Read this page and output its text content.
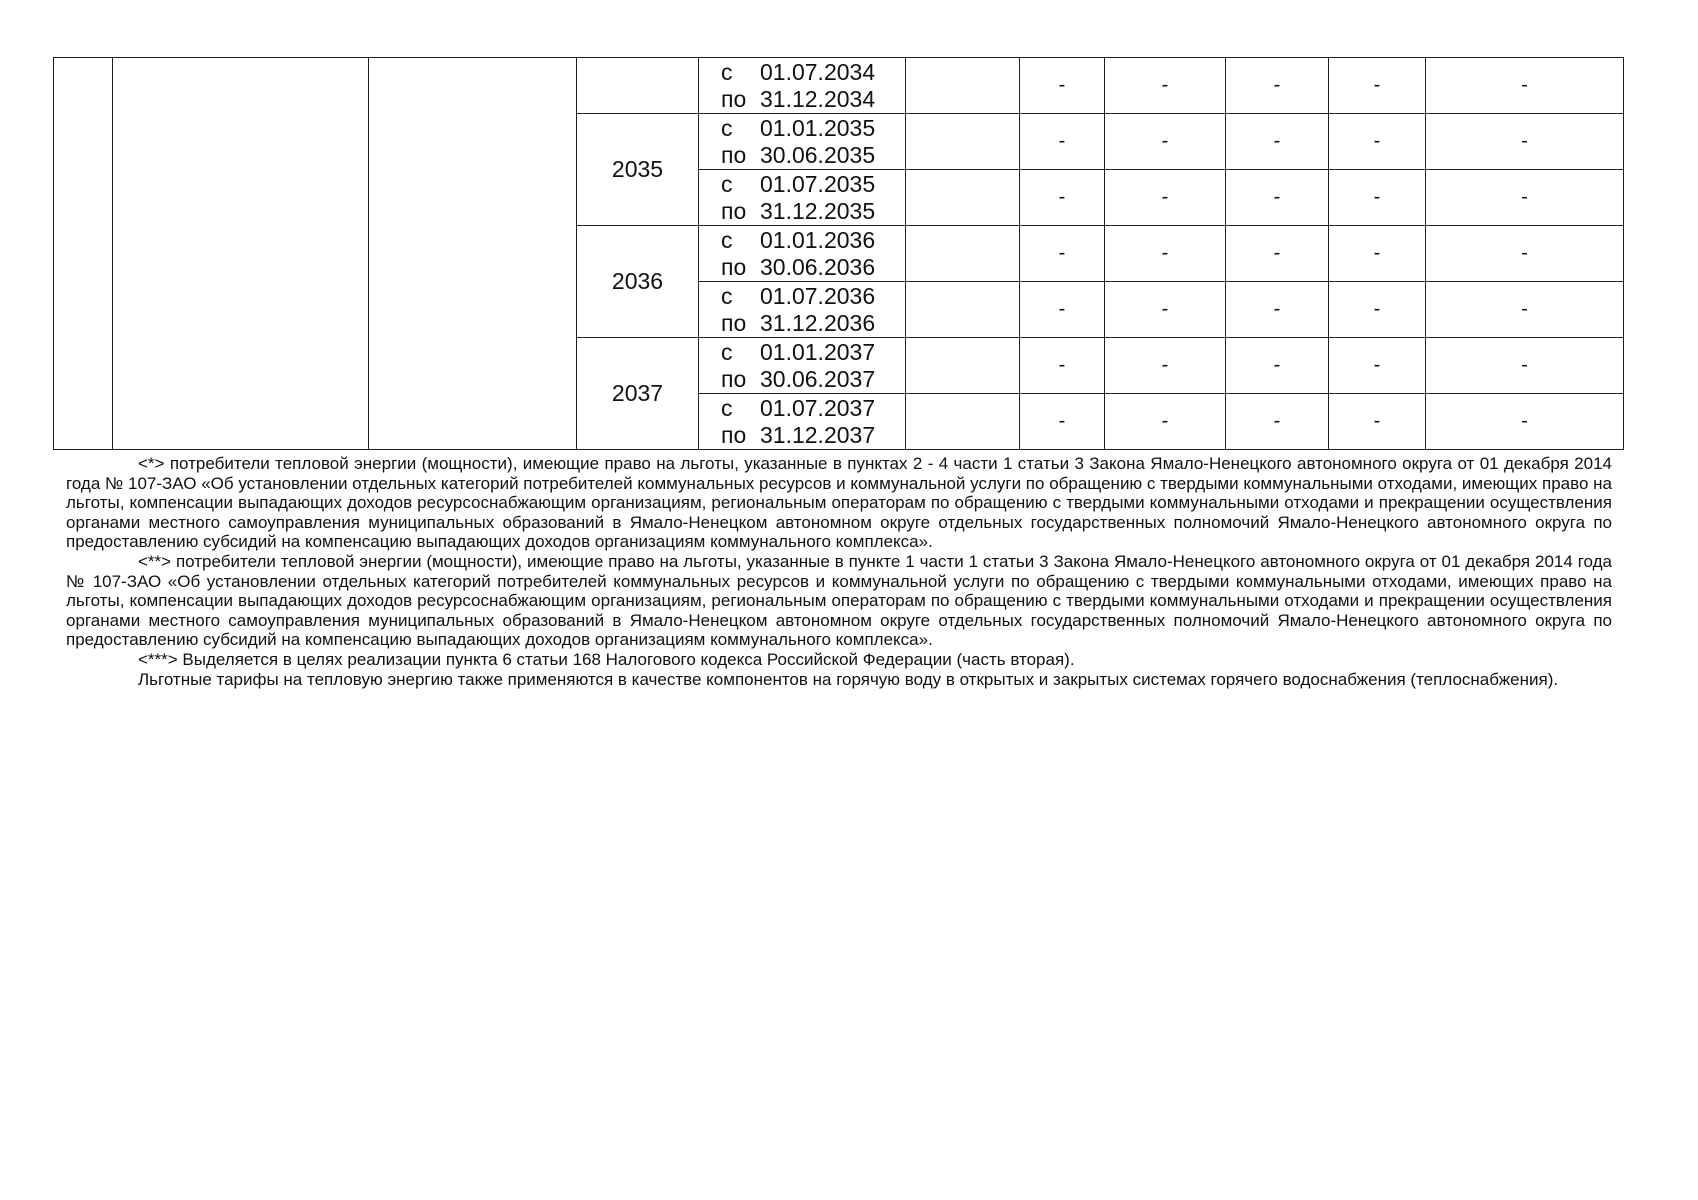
				с 01.07.2034
по 31.12.2034		-	-	-	-	-
			2035	с 01.01.2035
по 30.06.2035		-	-	-	-	-

				с 01.07.2035
по 31.12.2035		-	-	-	-	-
			2036	с 01.01.2036
по 30.06.2036		-	-	-	-	-

				с 01.07.2036
по 31.12.2036		-	-	-	-	-
			2037	с 01.01.2037
по 30.06.2037		-	-	-	-	-

				с 01.07.2037
по 31.12.2037		-	-	-	-	-

<*> потребители тепловой энергии (мощности), имеющие право на льготы, указанные в пунктах 2 - 4 части 1 статьи 3 Закона Ямало-Ненецкого автономного округа от 01 декабря 2014 года № 107-ЗАО «Об установлении отдельных категорий потребителей коммунальных ресурсов и коммунальной услуги по обращению с твердыми коммунальными отходами, имеющих право на льготы, компенсации выпадающих доходов ресурсоснабжающим организациям, региональным операторам по обращению с твердыми коммунальными отходами и прекращении осуществления органами местного самоуправления муниципальных образований в Ямало-Ненецком автономном округе отдельных государственных полномочий Ямало-Ненецкого автономного округа по предоставлению субсидий на компенсацию выпадающих доходов организациям коммунального комплекса».

<**> потребители тепловой энергии (мощности), имеющие право на льготы, указанные в пункте 1 части 1 статьи 3 Закона Ямало-Ненецкого автономного округа от 01 декабря 2014 года № 107-ЗАО «Об установлении отдельных категорий потребителей коммунальных ресурсов и коммунальной услуги по обращению с твердыми коммунальными отходами, имеющих право на льготы, компенсации выпадающих доходов ресурсоснабжающим организациям, региональным операторам по обращению с твердыми коммунальными отходами и прекращении осуществления органами местного самоуправления муниципальных образований в Ямало-Ненецком автономном округе отдельных государственных полномочий Ямало-Ненецкого автономного округа по предоставлению субсидий на компенсацию выпадающих доходов организациям коммунального комплекса».

<***> Выделяется в целях реализации пункта 6 статьи 168 Налогового кодекса Российской Федерации (часть вторая).

Льготные тарифы на тепловую энергию также применяются в качестве компонентов на горячую воду в открытых и закрытых системах горячего водоснабжения (теплоснабжения).
